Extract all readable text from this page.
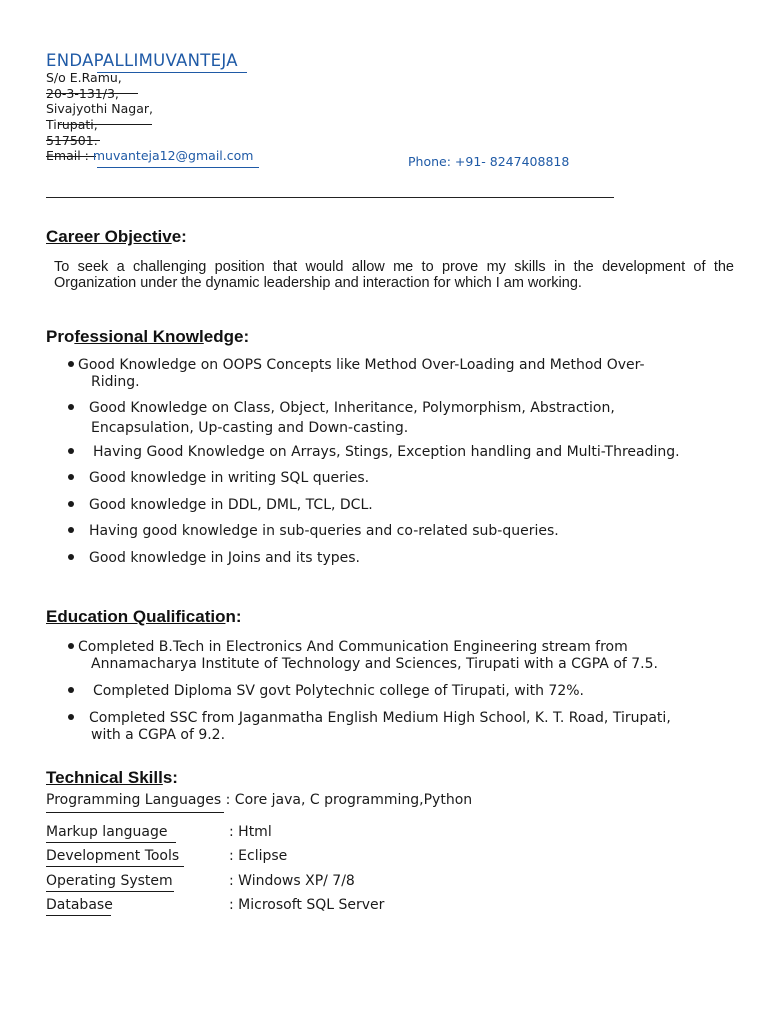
ENDAPALLIMUVANTEJA
S/o E.Ramu,
20-3-131/3,
Sivajyothi Nagar,
Tirupati,
517501.
Email : muvanteja12@gmail.com	Phone: +91- 8247408818
Career Objective:
To seek a challenging position that would allow me to prove my skills in the development of the Organization under the dynamic leadership and interaction for which I am working.
Professional Knowledge:
Good Knowledge on OOPS Concepts like Method Over-Loading and Method Over-
Riding.
Good Knowledge on Class, Object, Inheritance, Polymorphism, Abstraction,
Encapsulation, Up-casting and Down-casting.
Having Good Knowledge on Arrays, Stings, Exception handling and Multi-Threading.
Good knowledge in writing SQL queries.
Good knowledge in DDL, DML, TCL, DCL.
Having good knowledge in sub-queries and co-related sub-queries.
Good knowledge in Joins and its types.
Education Qualification:
Completed B.Tech in Electronics And Communication Engineering stream from
Annamacharya Institute of Technology and Sciences, Tirupati with a CGPA of 7.5.
Completed Diploma SV govt Polytechnic college of Tirupati, with 72%.
Completed SSC from Jaganmatha English Medium High School, K. T. Road, Tirupati,
with a CGPA of 9.2.
Technical Skills:
Programming Languages : Core java, C programming,Python
Markup language	: Html
Development Tools	: Eclipse
Operating System	: Windows XP/ 7/8
Database	: Microsoft SQL Server
